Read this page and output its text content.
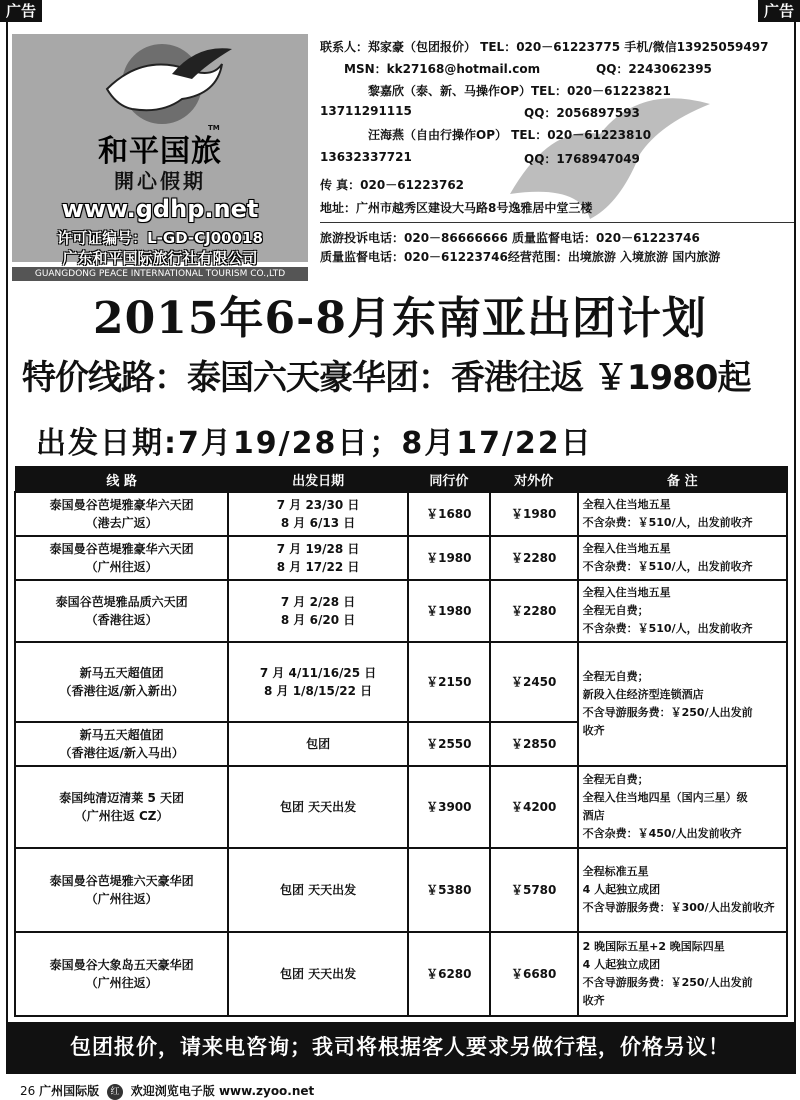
广告	广告
和平国旅
TM
開心假期
www.gdhp.net
许可证编号：L-GD-CJ00018
广东和平国际旅行社有限公司
GUANGDONG PEACE INTERNATIONAL TOURISM CO.,LTD
联系人：郑家豪（包团报价） TEL：020－61223775 手机/微信13925059497
MSN：kk27168@hotmail.com	QQ：2243062395
黎嘉欣（泰、新、马操作OP）TEL：020－61223821
13711291115	QQ：2056897593
汪海燕（自由行操作OP） TEL：020－61223810
13632337721	QQ：1768947049
传 真：020－61223762
地址：广州市越秀区建设大马路8号逸雅居中堂三楼
旅游投诉电话：020－86666666 质量监督电话：020－61223746
质量监督电话：020－61223746经营范围：出境旅游 入境旅游 国内旅游
2015年6-8月东南亚出团计划
特价线路：泰国六天豪华团：香港往返 ￥1980起
出发日期:7月19/28日；8月17/22日
线 路	出发日期	同行价	对外价	备 注

泰国曼谷芭堤雅豪华六天团
（港去广返）	7 月 23/30 日
8 月 6/13 日	￥1680	￥1980	全程入住当地五星
不含杂费：￥510/人，出发前收齐

泰国曼谷芭堤雅豪华六天团
（广州往返）	7 月 19/28 日
8 月 17/22 日	￥1980	￥2280	全程入住当地五星
不含杂费：￥510/人，出发前收齐

泰国谷芭堤雅品质六天团
（香港往返）	7 月 2/28 日
8 月 6/20 日	￥1980	￥2280	全程入住当地五星
全程无自费；
不含杂费：￥510/人，出发前收齐

新马五天超值团
（香港往返/新入新出）	7 月 4/11/16/25 日
8 月 1/8/15/22 日	￥2150	￥2450	全程无自费；
新段入住经济型连锁酒店
不含导游服务费：￥250/人出发前
收齐

新马五天超值团
（香港往返/新入马出）	包团	￥2550	￥2850	

泰国纯清迈清莱 5 天团
（广州往返 CZ）	包团 天天出发	￥3900	￥4200	全程无自费；
全程入住当地四星（国内三星）级
酒店
不含杂费：￥450/人出发前收齐

泰国曼谷芭堤雅六天豪华团
（广州往返）	包团 天天出发	￥5380	￥5780	全程标准五星
4 人起独立成团
不含导游服务费：￥300/人出发前收齐

泰国曼谷大象岛五天豪华团
（广州往返）	包团 天天出发	￥6280	￥6680	2 晚国际五星+2 晚国际四星
4 人起独立成团
不含导游服务费：￥250/人出发前
收齐
包团报价，请来电咨询；我司将根据客人要求另做行程，价格另议！
26 广州国际版 红 欢迎浏览电子版 www.zyoo.net
